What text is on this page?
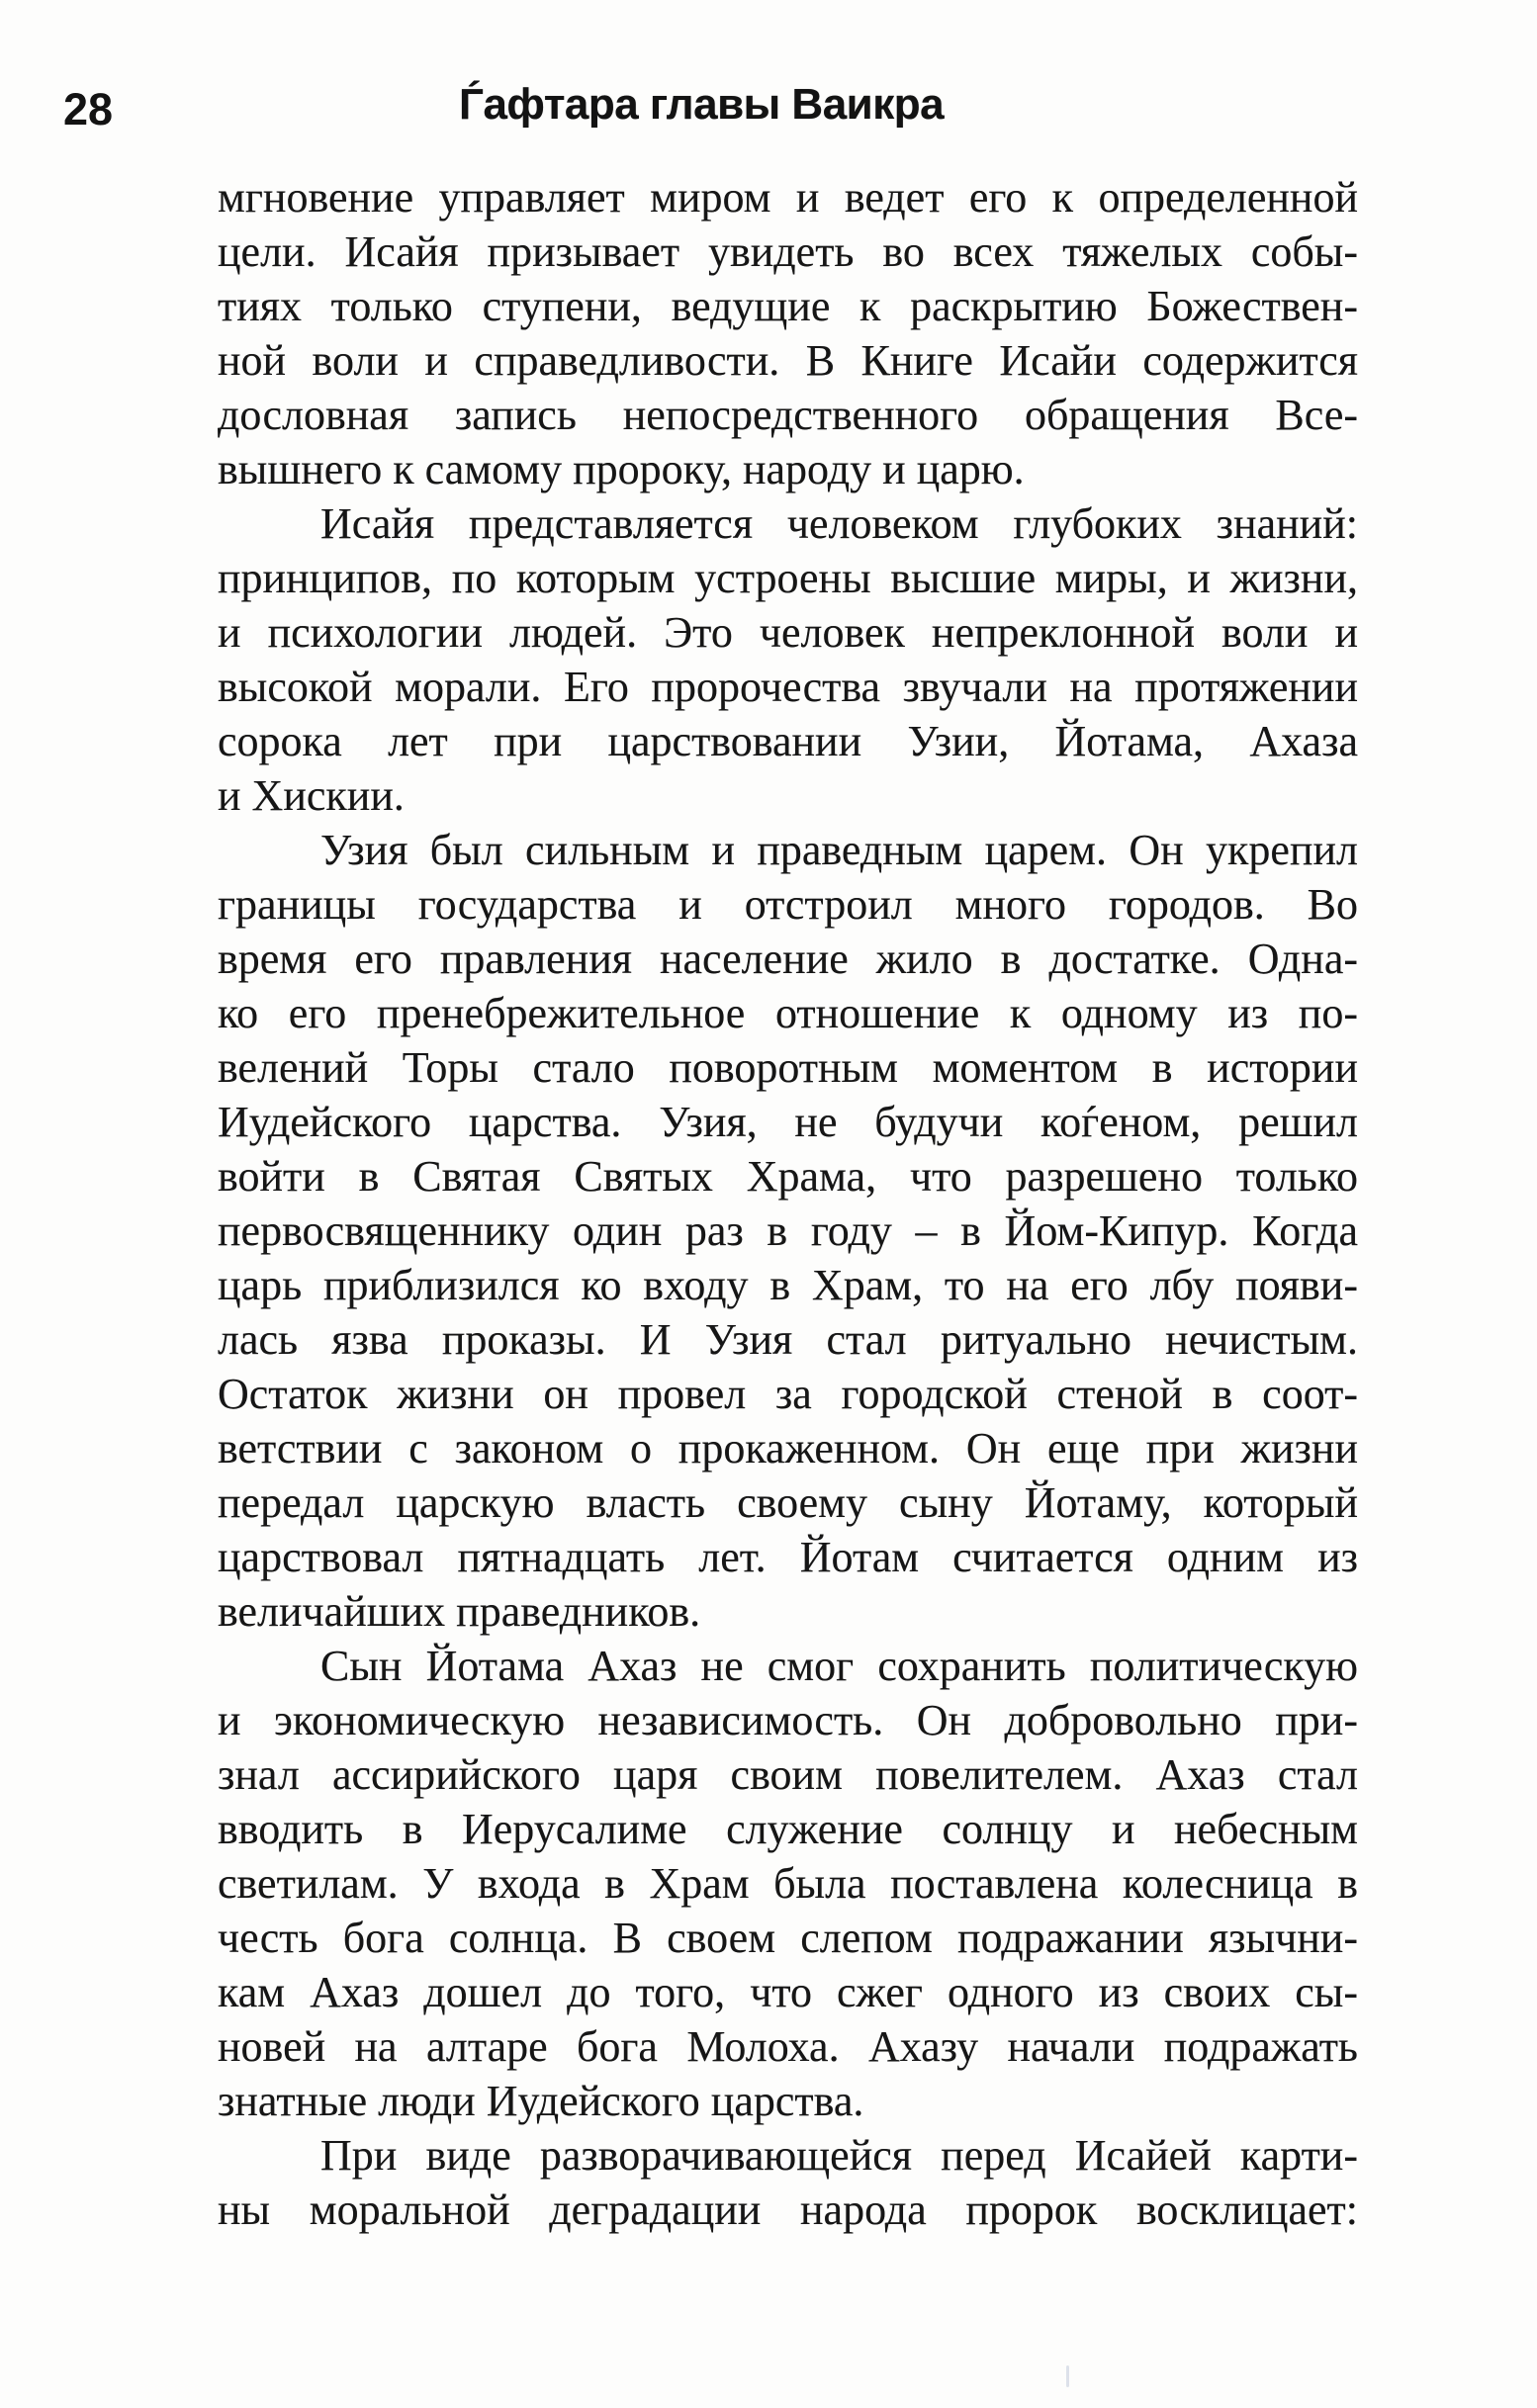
28	Ѓафтара главы Ваикра
мгновение управляет миром и ведет его к определенной
цели. Исайя призывает увидеть во всех тяжелых собы-
тиях только ступени, ведущие к раскрытию Божествен-
ной воли и справедливости. В Книге Исайи содержится
дословная запись непосредственного обращения Все-
вышнего к самому пророку, народу и царю.
Исайя представляется человеком глубоких знаний:
принципов, по которым устроены высшие миры, и жизни,
и психологии людей. Это человек непреклонной воли и
высокой морали. Его пророчества звучали на протяжении
сорока лет при царствовании Узии, Йотама, Ахаза
и Хискии.
Узия был сильным и праведным царем. Он укрепил
границы государства и отстроил много городов. Во
время его правления население жило в достатке. Одна-
ко его пренебрежительное отношение к одному из по-
велений Торы стало поворотным моментом в истории
Иудейского царства. Узия, не будучи коѓеном, решил
войти в Святая Святых Храма, что разрешено только
первосвященнику один раз в году – в Йом-Кипур. Когда
царь приблизился ко входу в Храм, то на его лбу появи-
лась язва проказы. И Узия стал ритуально нечистым.
Остаток жизни он провел за городской стеной в соот-
ветствии с законом о прокаженном. Он еще при жизни
передал царскую власть своему сыну Йотаму, который
царствовал пятнадцать лет. Йотам считается одним из
величайших праведников.
Сын Йотама Ахаз не смог сохранить политическую
и экономическую независимость. Он добровольно при-
знал ассирийского царя своим повелителем. Ахаз стал
вводить в Иерусалиме служение солнцу и небесным
светилам. У входа в Храм была поставлена колесница в
честь бога солнца. В своем слепом подражании язычни-
кам Ахаз дошел до того, что сжег одного из своих сы-
новей на алтаре бога Молоха. Ахазу начали подражать
знатные люди Иудейского царства.
При виде разворачивающейся перед Исайей карти-
ны моральной деградации народа пророк восклицает:
